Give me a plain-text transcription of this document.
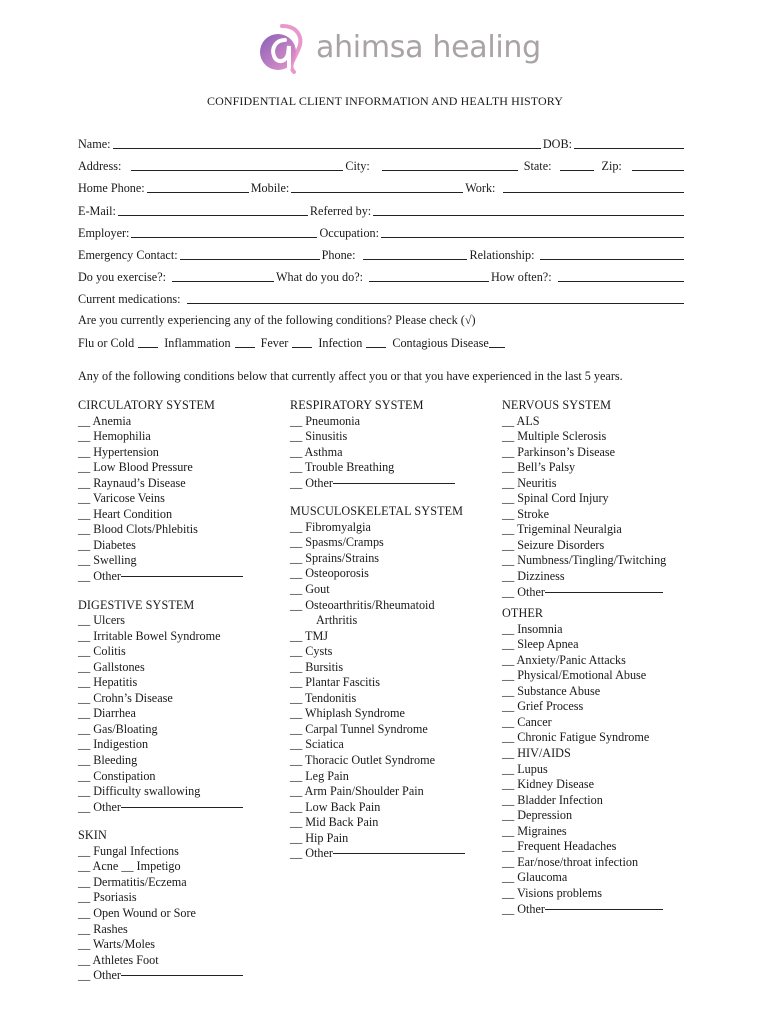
ahimsa healing
CONFIDENTIAL CLIENT INFORMATION AND HEALTH HISTORY
Name:	DOB:
Address:	City:	State:	Zip:
Home Phone:	Mobile:	Work:
E-Mail:	Referred by:
Employer:	Occupation:
Emergency Contact:	Phone:	Relationship:
Do you exercise?:	What do you do?:	How often?:
Current medications:
Are you currently experiencing any of the following conditions? Please check (√)
Flu or Cold Inflammation Fever Infection Contagious Disease
Any of the following conditions below that currently affect you or that you have experienced in the last 5 years.
CIRCULATORY SYSTEM
__ Anemia
__ Hemophilia
__ Hypertension
__ Low Blood Pressure
__ Raynaud’s Disease
__ Varicose Veins
__ Heart Condition
__ Blood Clots/Phlebitis
__ Diabetes
__ Swelling
__ Other
DIGESTIVE SYSTEM
__ Ulcers
__ Irritable Bowel Syndrome
__ Colitis
__ Gallstones
__ Hepatitis
__ Crohn’s Disease
__ Diarrhea
__ Gas/Bloating
__ Indigestion
__ Bleeding
__ Constipation
__ Difficulty swallowing
__ Other
SKIN
__ Fungal Infections
__ Acne __ Impetigo
__ Dermatitis/Eczema
__ Psoriasis
__ Open Wound or Sore
__ Rashes
__ Warts/Moles
__ Athletes Foot
__ Other
RESPIRATORY SYSTEM
__ Pneumonia
__ Sinusitis
__ Asthma
__ Trouble Breathing
__ Other
MUSCULOSKELETAL SYSTEM
__ Fibromyalgia
__ Spasms/Cramps
__ Sprains/Strains
__ Osteoporosis
__ Gout
__ Osteoarthritis/Rheumatoid
Arthritis
__ TMJ
__ Cysts
__ Bursitis
__ Plantar Fascitis
__ Tendonitis
__ Whiplash Syndrome
__ Carpal Tunnel Syndrome
__ Sciatica
__ Thoracic Outlet Syndrome
__ Leg Pain
__ Arm Pain/Shoulder Pain
__ Low Back Pain
__ Mid Back Pain
__ Hip Pain
__ Other
NERVOUS SYSTEM
__ ALS
__ Multiple Sclerosis
__ Parkinson’s Disease
__ Bell’s Palsy
__ Neuritis
__ Spinal Cord Injury
__ Stroke
__ Trigeminal Neuralgia
__ Seizure Disorders
__ Numbness/Tingling/Twitching
__ Dizziness
__ Other
OTHER
__ Insomnia
__ Sleep Apnea
__ Anxiety/Panic Attacks
__ Physical/Emotional Abuse
__ Substance Abuse
__ Grief Process
__ Cancer
__ Chronic Fatigue Syndrome
__ HIV/AIDS
__ Lupus
__ Kidney Disease
__ Bladder Infection
__ Depression
__ Migraines
__ Frequent Headaches
__ Ear/nose/throat infection
__ Glaucoma
__ Visions problems
__ Other
